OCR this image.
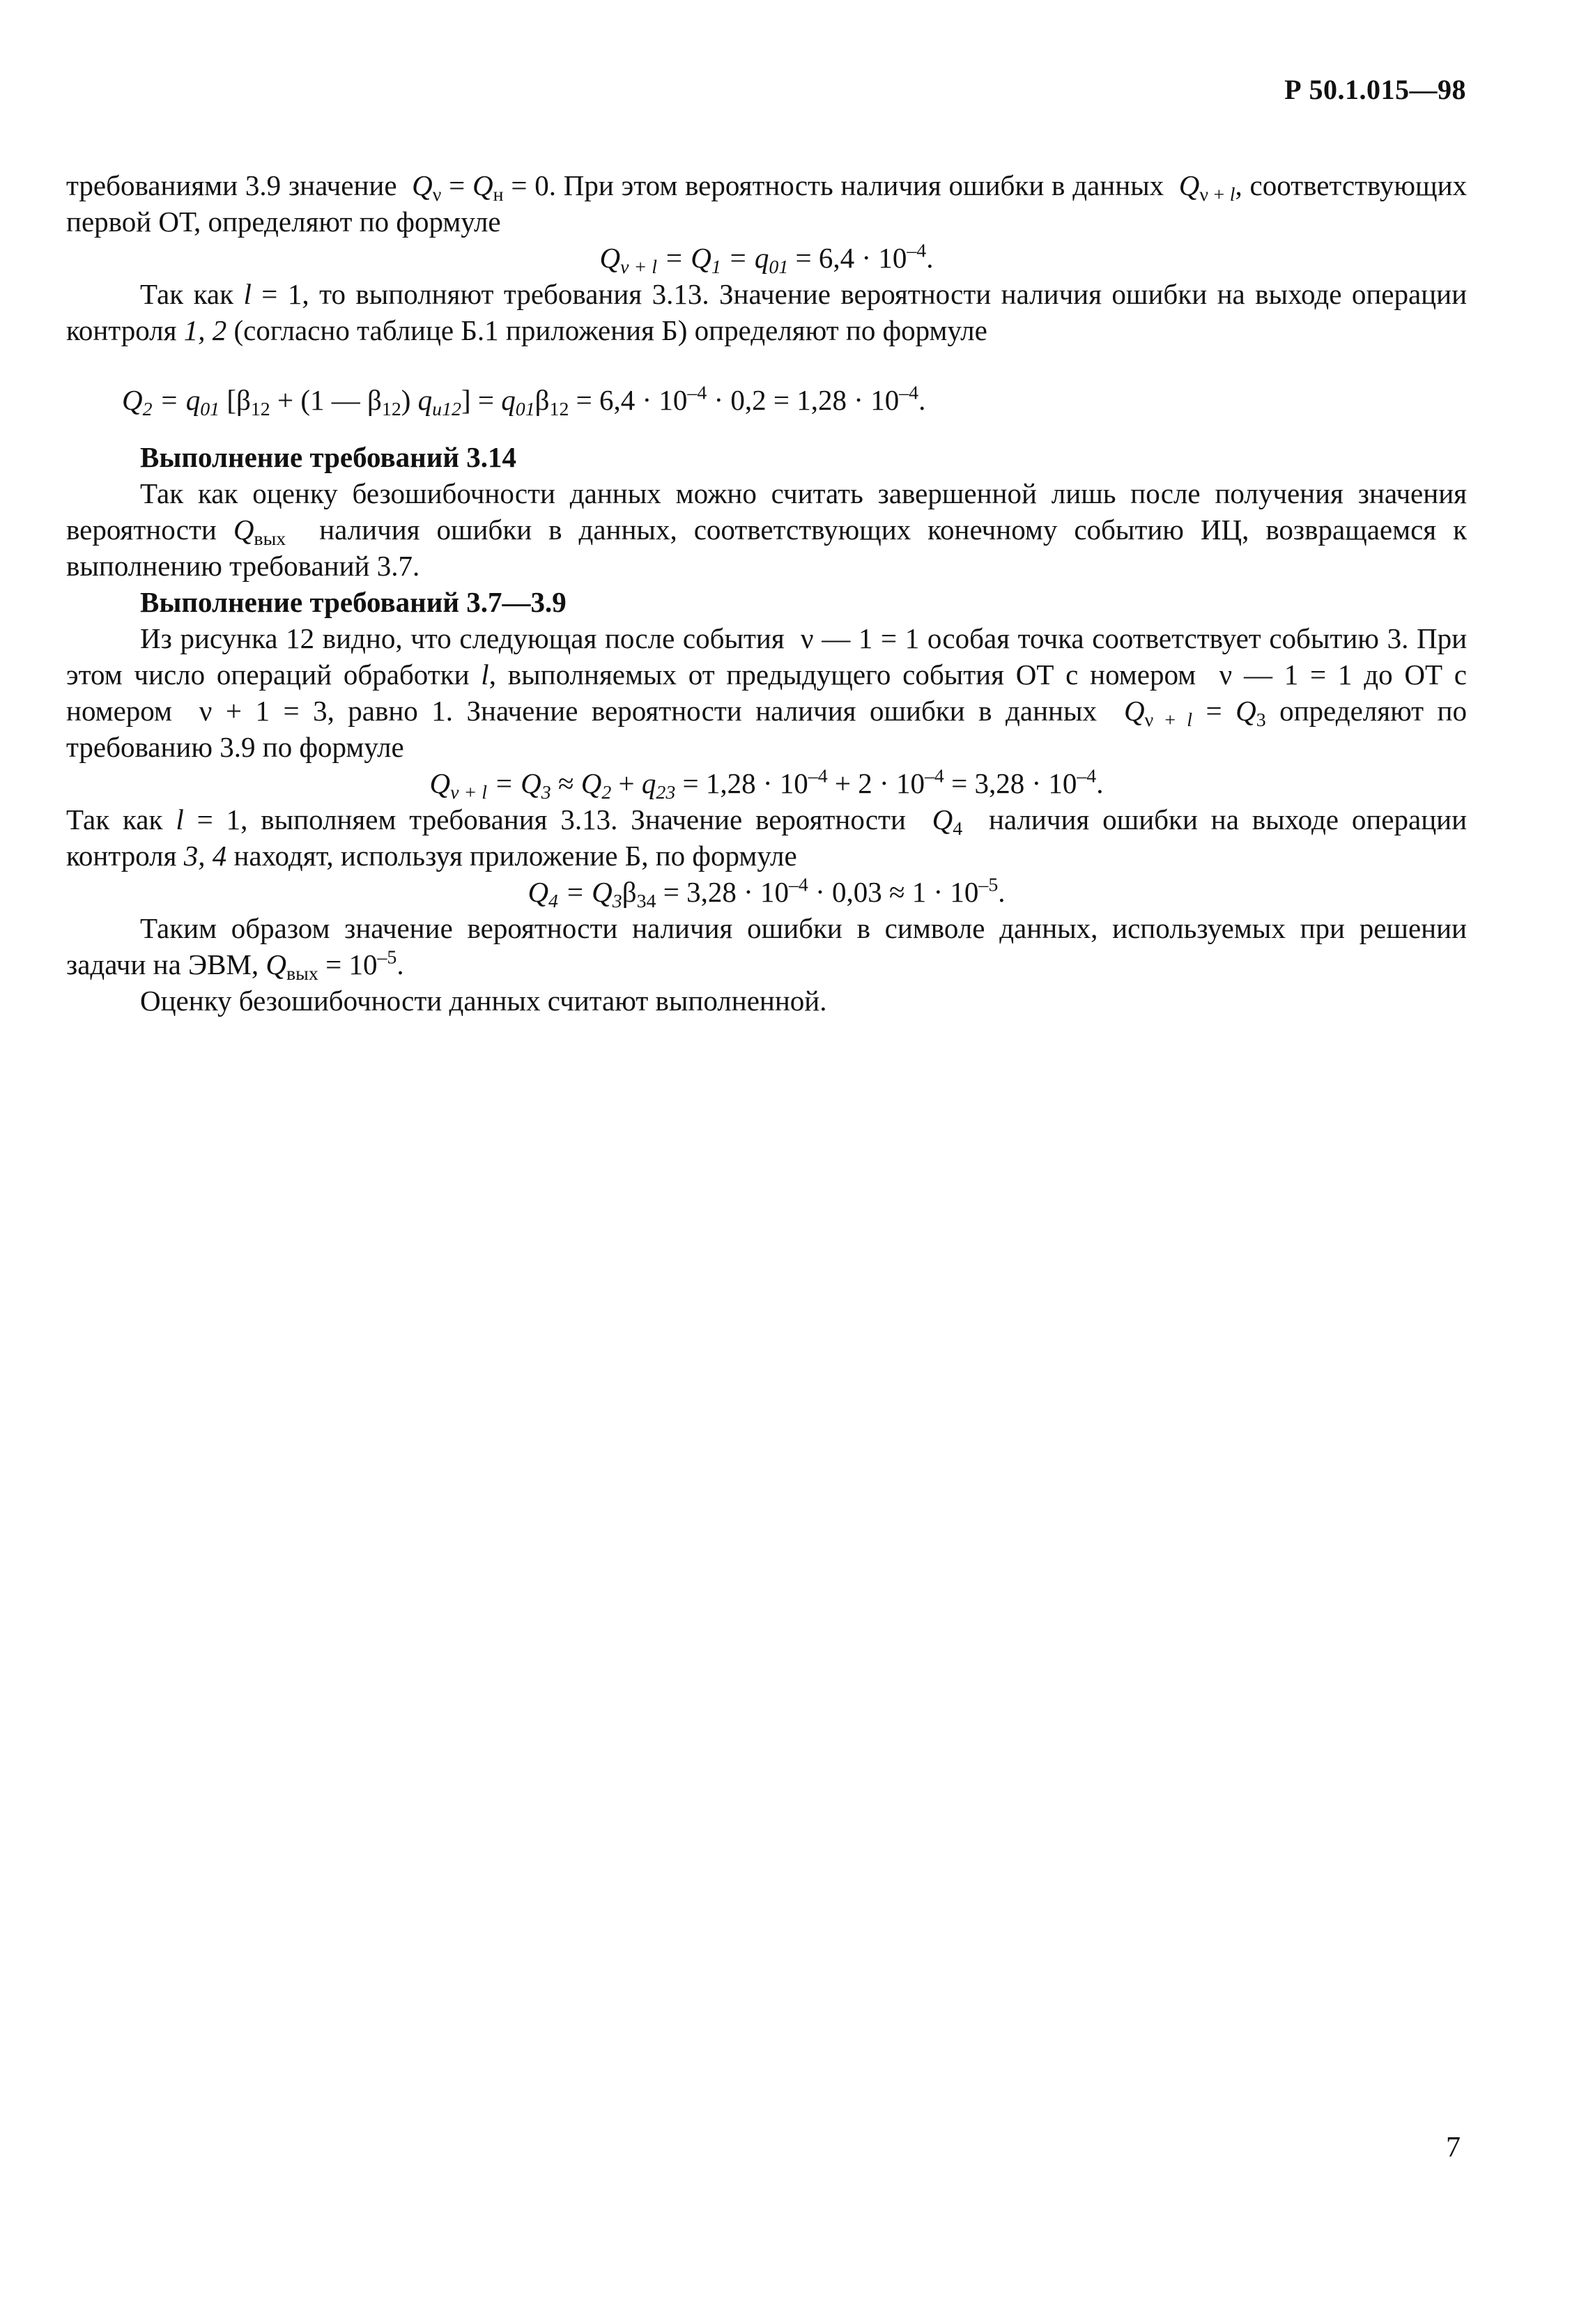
Р 50.1.015—98

требованиями 3.9 значение $Q_\nu = Q_н = 0$. При этом вероятность наличия ошибки в данных $Q_{\nu + l}$, соответствующих первой ОТ, определяют по формуле

$Q_{\nu + l} = Q_1 = q_{01} = 6,4 \cdot 10^{-4}$.

Так как l = 1, то выполняют требования 3.13. Значение вероятности наличия ошибки на выходе операции контроля 1, 2 (согласно таблице Б.1 приложения Б) определяют по формуле

$Q_2 = q_{01}$ [$\beta_{12} + (1$ — $\beta_{12}$) $q_{и12}] = q_{01}\beta_{12} = 6,4 \cdot 10^{-4} \cdot 0,2 = 1,28 \cdot 10^{-4}$.

Выполнение требований 3.14

Так как оценку безошибочности данных можно считать завершенной лишь после получения значения вероятности $Q_{вых}$ наличия ошибки в данных, соответствующих конечному событию ИЦ, возвращаемся к выполнению требований 3.7.

Выполнение требований 3.7—3.9

Из рисунка 12 видно, что следующая после события  ν — 1 = 1 особая точка соответствует событию 3. При этом число операций обработки l, выполняемых от предыдущего события ОТ с номером  ν — 1 = 1 до ОТ с номером  ν + 1 = 3, равно 1. Значение вероятности наличия ошибки в данных $Q_{\nu + l} = Q_3$ определяют по требованию 3.9 по формуле

$Q_{\nu + l} = Q_3 \approx Q_2 + q_{23} = 1,28 \cdot 10^{-4} + 2 \cdot 10^{-4} = 3,28 \cdot 10^{-4}$.

Так как l = 1, выполняем требования 3.13. Значение вероятности $Q_4$ наличия ошибки на выходе операции контроля 3, 4 находят, используя приложение Б, по формуле

$Q_4 = Q_3\beta_{34} = 3,28 \cdot 10^{-4} \cdot 0,03 \approx 1 \cdot 10^{-5}$.

Таким образом значение вероятности наличия ошибки в символе данных, используемых при решении задачи на ЭВМ, $Q_{вых} = 10^{-5}$.

Оценку безошибочности данных считают выполненной.

7
